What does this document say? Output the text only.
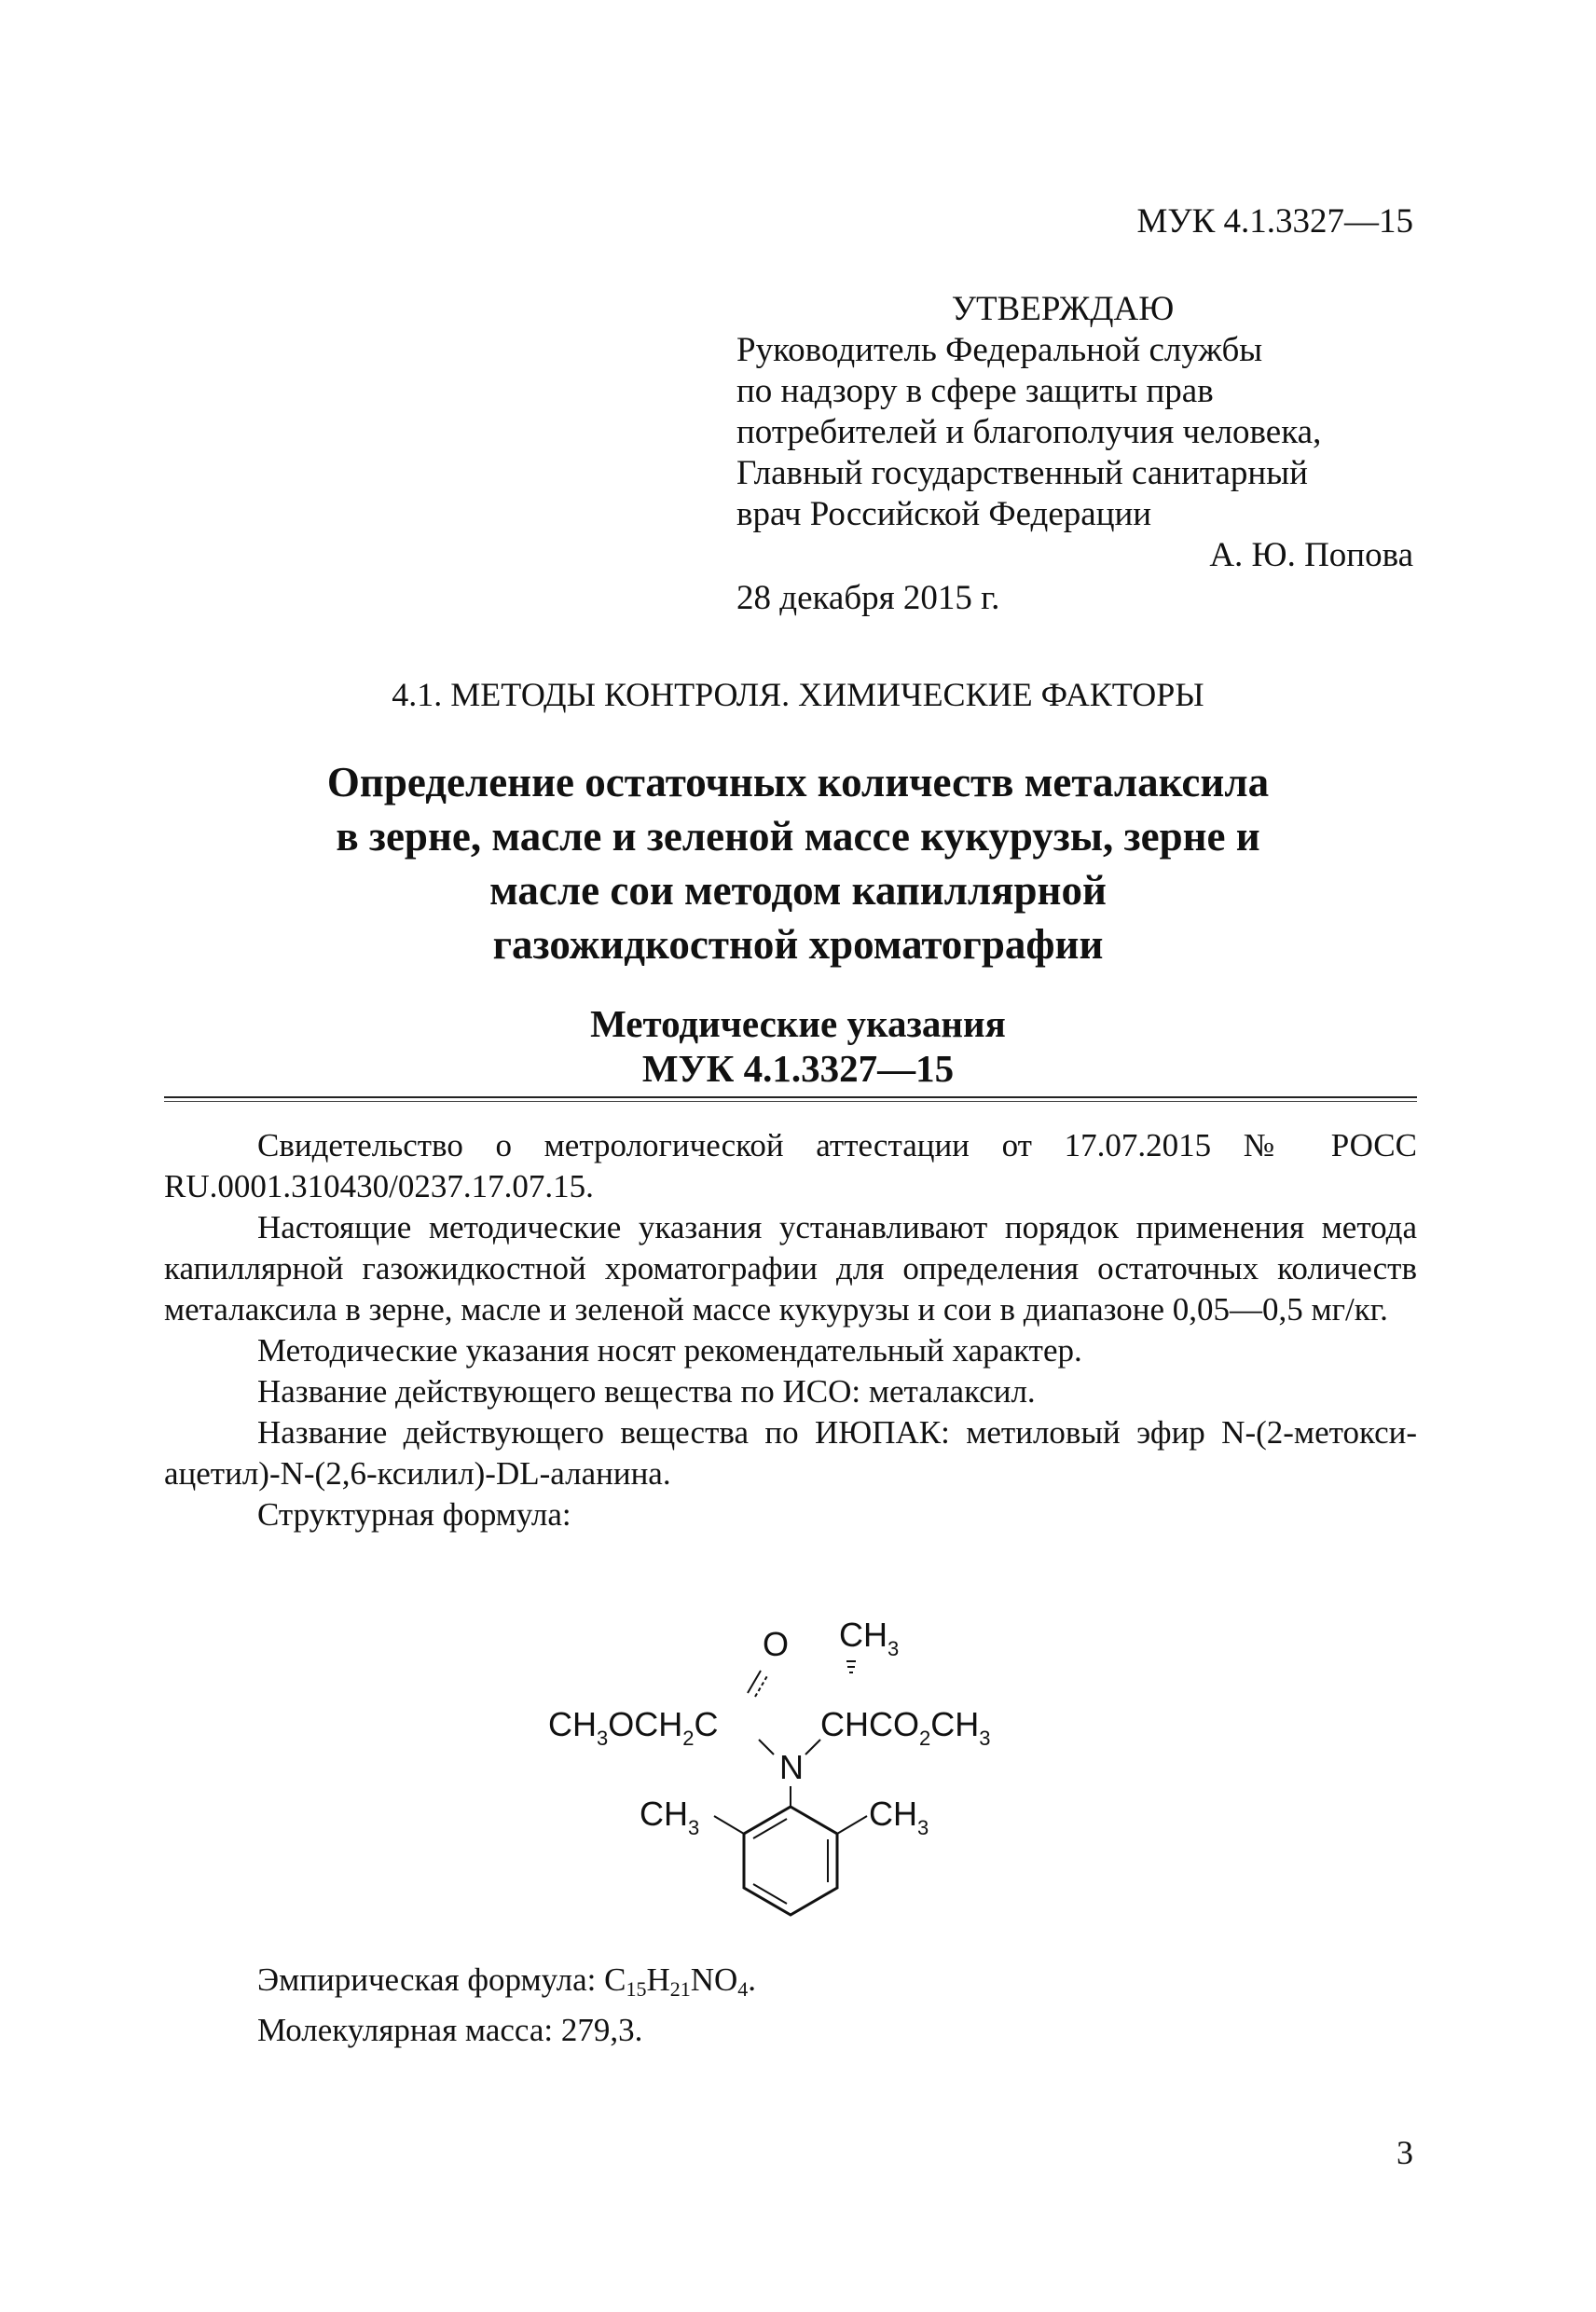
МУК 4.1.3327—15
УТВЕРЖДАЮ
Руководитель Федеральной службы
по надзору в сфере защиты прав
потребителей и благополучия человека,
Главный государственный санитарный
врач Российской Федерации
А. Ю. Попова
28 декабря 2015 г.
4.1. МЕТОДЫ КОНТРОЛЯ. ХИМИЧЕСКИЕ ФАКТОРЫ
Определение остаточных количеств металаксила
в зерне, масле и зеленой массе кукурузы, зерне и
масле сои методом капиллярной
газожидкостной хроматографии
Методические указания
МУК 4.1.3327—15

Свидетельство о метрологической аттестации от 17.07.2015 № РОСС RU.0001.310430/0237.17.07.15.

Настоящие методические указания устанавливают порядок применения метода капиллярной газожидкостной хроматографии для определения остаточных количеств металаксила в зерне, масле и зеленой массе кукурузы и сои в диапазоне 0,05—0,5 мг/кг.

Методические указания носят рекомендательный характер.

Название действующего вещества по ИСО: металаксил.

Название действующего вещества по ИЮПАК: метиловый эфир N-(2-метокси-ацетил)-N-(2,6-ксилил)-DL-аланина.

Структурная формула:

O $CH_3$
$CH_3OCH_2C$	$CHCO_2CH_3$
N
$CH_3$	$CH_3$
Эмпирическая формула: $C_{15}H_{21}NO_4$.
Молекулярная масса: 279,3.
3
